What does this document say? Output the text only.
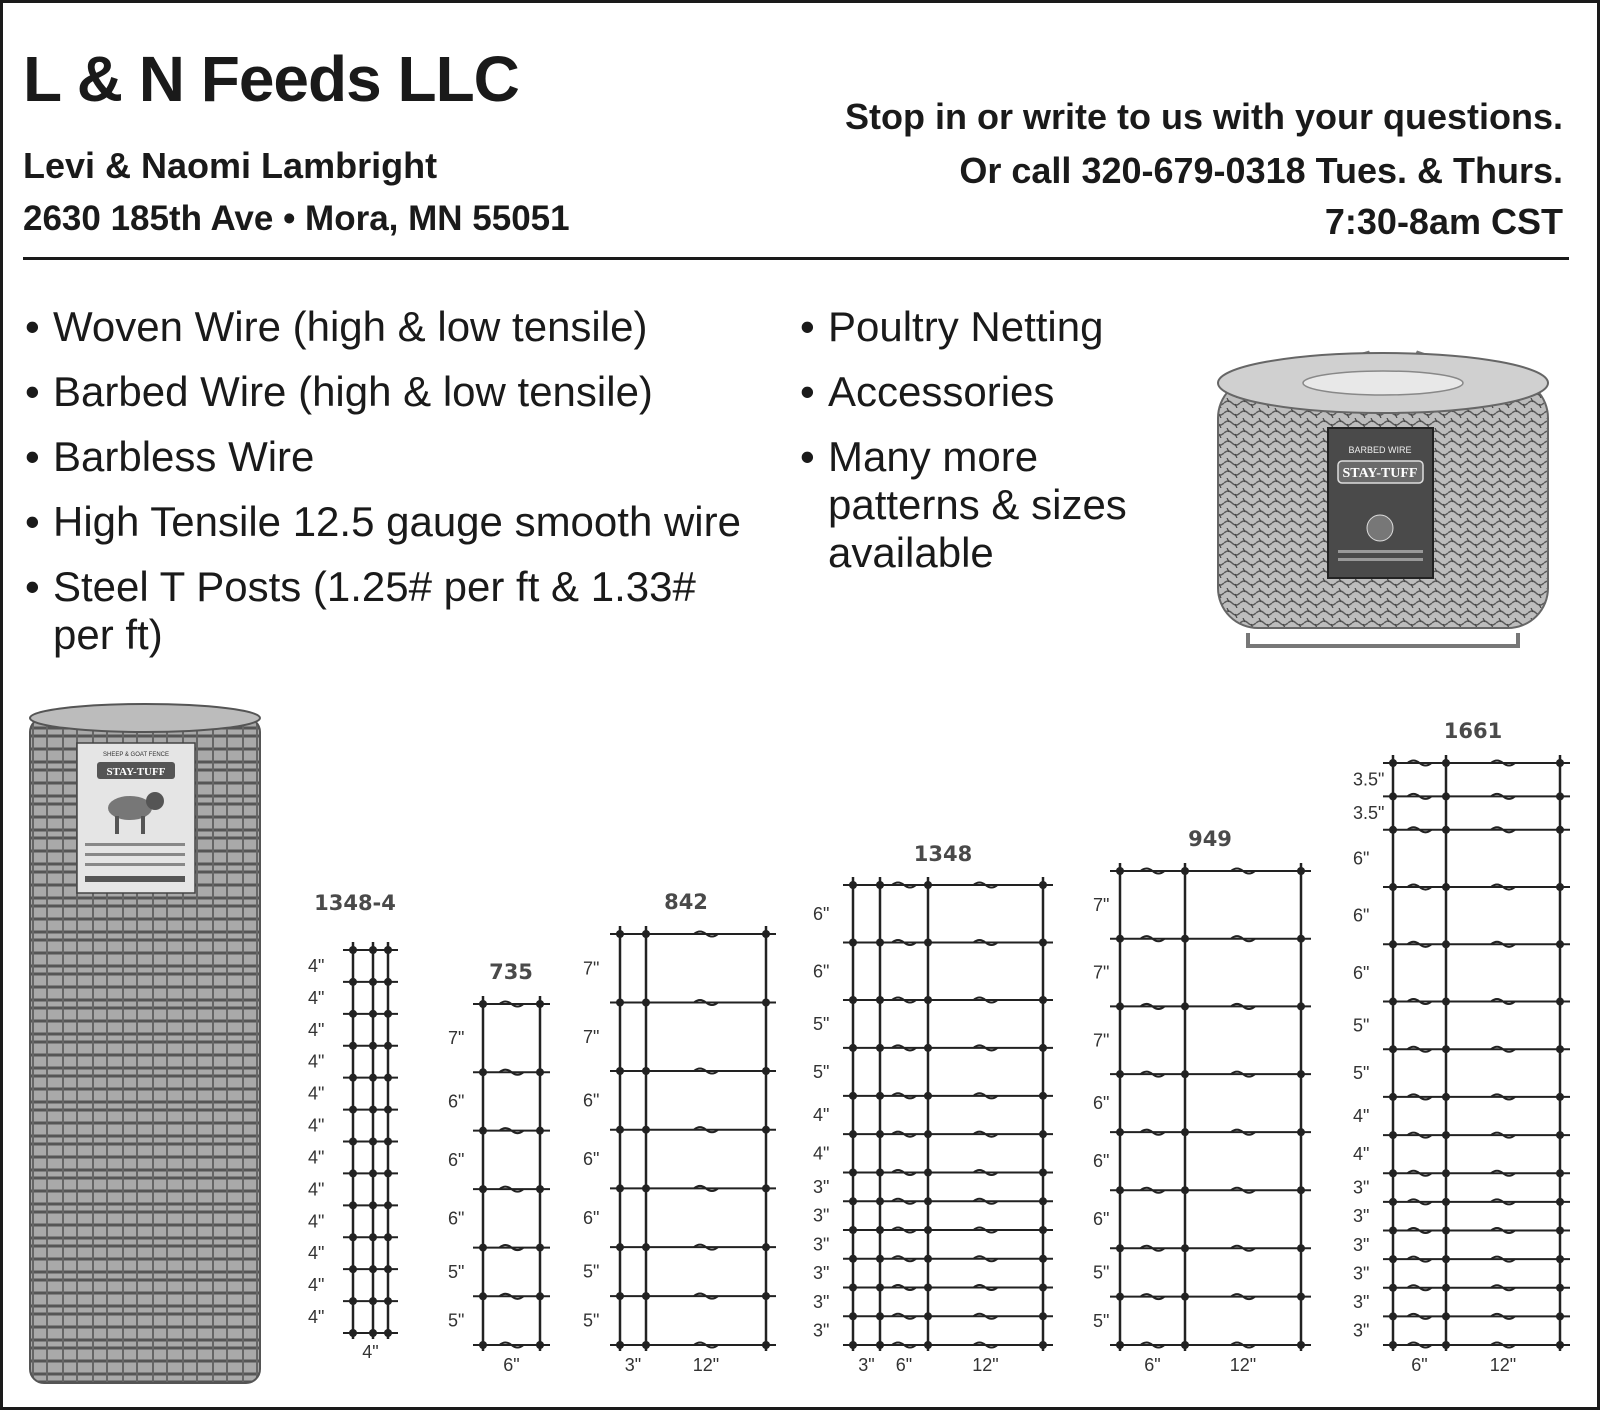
L & N Feeds LLC
Levi & Naomi Lambright
2630 185th Ave • Mora, MN 55051
Stop in or write to us with your questions.
Or call 320-679-0318 Tues. & Thurs.
7:30-8am CST
• Woven Wire (high & low tensile)
• Barbed Wire (high & low tensile)
• Barbless Wire
• High Tensile 12.5 gauge smooth wire
• Steel T Posts (1.25# per ft & 1.33# per ft)
• Poultry Netting
• Accessories
• Many more patterns & sizes available
BARBED WIRE
STAY-TUFF
SHEEP & GOAT FENCE
STAY-TUFF
1348-4
4"
4"
4"
4"
4"
4"
4"
4"
4"
4"
4"
4"
4"
735
7"
6"
6"
6"
5"
5"
6"
842
7"
7"
6"
6"
6"
5"
5"
3"	12"
1348
6"
6"
5"
5"
4"
4"
3"
3"
3"
3"
3"
3"
3" 6"	12"
949
7"
7"
7"
6"
6"
6"
5"
5"
6"	12"
1661
3.5"
3.5"
6"
6"
6"
5"
5"
4"
4"
3"
3"
3"
3"
3"
3"
6"	12"
